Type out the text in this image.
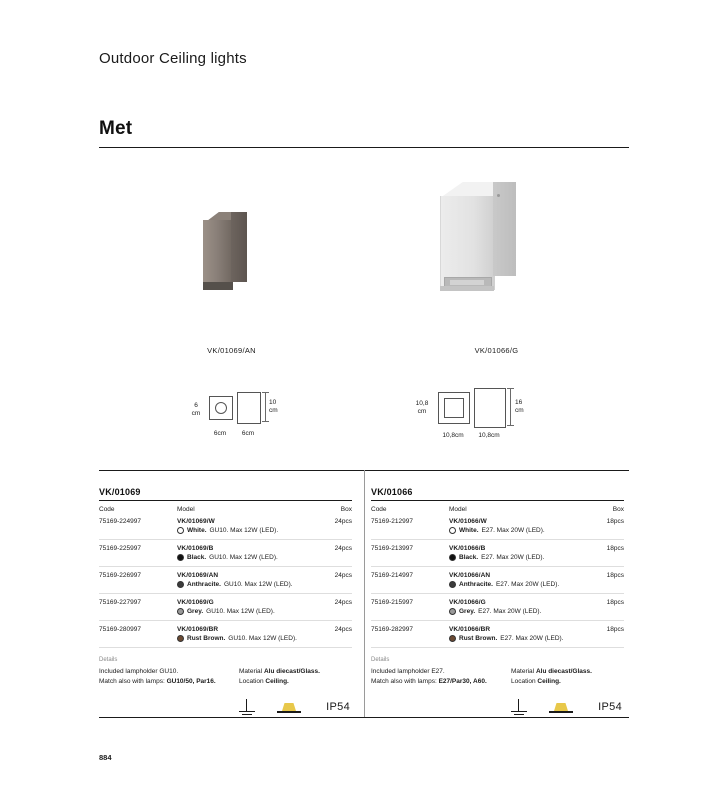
Outdoor Ceiling lights
Met
VK/01069/AN
6
cm
10
cm
6cm	6cm
VK/01066/G
10,8
cm
16
cm
10,8cm	10,8cm
VK/01069
Code	Model	Box
75169-224997	VK/01069/W
White. GU10. Max 12W (LED).
24pcs
75169-225997	VK/01069/B
Black. GU10. Max 12W (LED).
24pcs
75169-226997	VK/01069/AN
Anthracite. GU10. Max 12W (LED).
24pcs
75169-227997	VK/01069/G
Grey. GU10. Max 12W (LED).
24pcs
75169-280997	VK/01069/BR
Rust Brown. GU10. Max 12W (LED).
24pcs
Details
Included lampholder GU10.
Match also with lamps: GU10/50, Par16.
Material Alu diecast/Glass.
Location Ceiling.
IP54
VK/01066
Code	Model	Box
75169-212997	VK/01066/W
White. E27. Max 20W (LED).
18pcs
75169-213997	VK/01066/B
Black. E27. Max 20W (LED).
18pcs
75169-214997	VK/01066/AN
Anthracite. E27. Max 20W (LED).
18pcs
75169-215997	VK/01066/G
Grey. E27. Max 20W (LED).
18pcs
75169-282997	VK/01066/BR
Rust Brown. E27. Max 20W (LED).
18pcs
Details
Included lampholder E27.
Match also with lamps: E27/Par30, A60.
Material Alu diecast/Glass.
Location Ceiling.
IP54
884
